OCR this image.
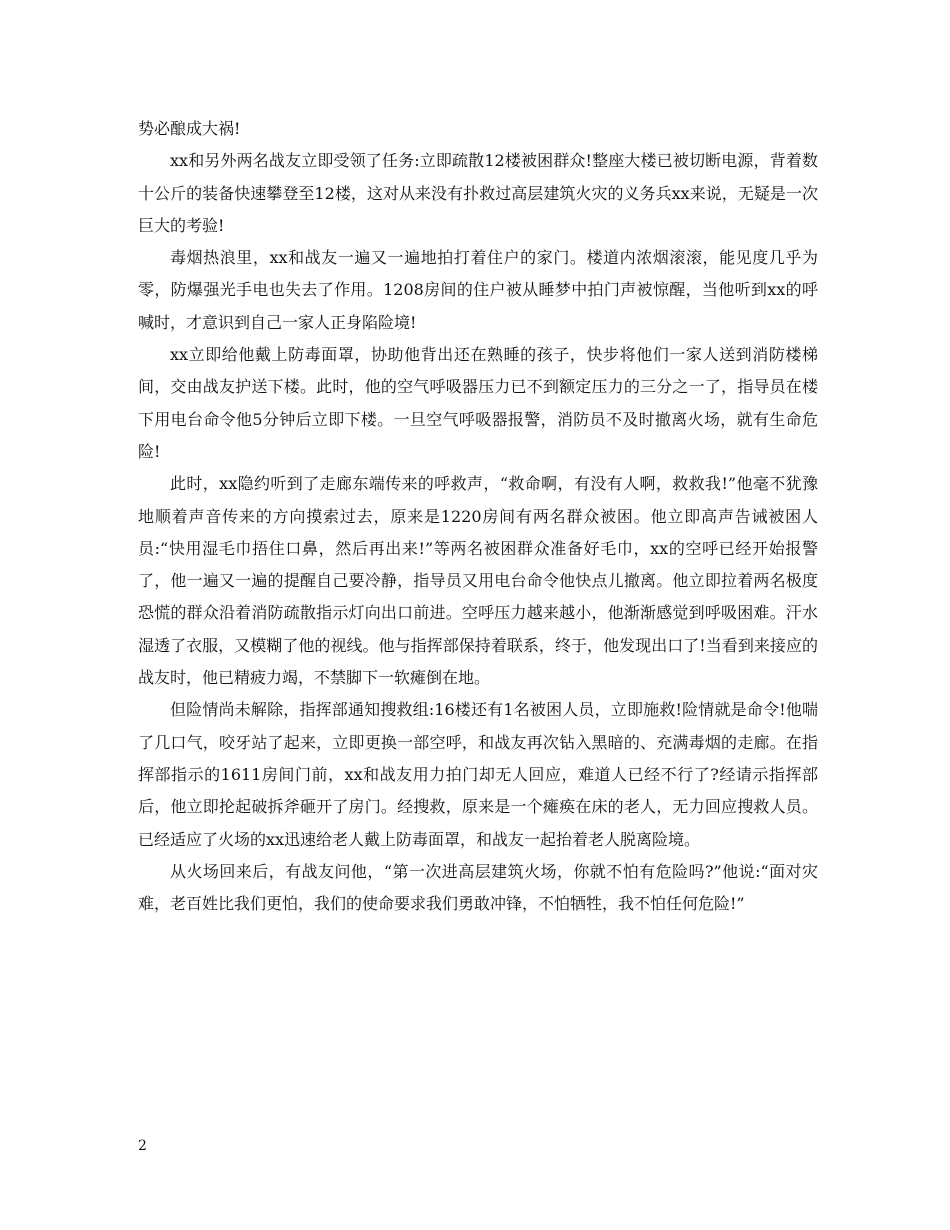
势必酿成大祸!

xx和另外两名战友立即受领了任务:立即疏散12楼被困群众!整座大楼已被切断电源，背着数十公斤的装备快速攀登至12楼，这对从来没有扑救过高层建筑火灾的义务兵xx来说，无疑是一次巨大的考验!

毒烟热浪里，xx和战友一遍又一遍地拍打着住户的家门。楼道内浓烟滚滚，能见度几乎为零，防爆强光手电也失去了作用。1208房间的住户被从睡梦中拍门声被惊醒，当他听到xx的呼喊时，才意识到自己一家人正身陷险境!

xx立即给他戴上防毒面罩，协助他背出还在熟睡的孩子，快步将他们一家人送到消防楼梯间，交由战友护送下楼。此时，他的空气呼吸器压力已不到额定压力的三分之一了，指导员在楼下用电台命令他5分钟后立即下楼。一旦空气呼吸器报警，消防员不及时撤离火场，就有生命危险!

此时，xx隐约听到了走廊东端传来的呼救声，“救命啊，有没有人啊，救救我!”他毫不犹豫地顺着声音传来的方向摸索过去，原来是1220房间有两名群众被困。他立即高声告诫被困人员:“快用湿毛巾捂住口鼻，然后再出来!”等两名被困群众准备好毛巾，xx的空呼已经开始报警了，他一遍又一遍的提醒自己要冷静，指导员又用电台命令他快点儿撤离。他立即拉着两名极度恐慌的群众沿着消防疏散指示灯向出口前进。空呼压力越来越小，他渐渐感觉到呼吸困难。汗水湿透了衣服，又模糊了他的视线。他与指挥部保持着联系，终于，他发现出口了!当看到来接应的战友时，他已精疲力竭，不禁脚下一软瘫倒在地。

但险情尚未解除，指挥部通知搜救组:16楼还有1名被困人员，立即施救!险情就是命令!他喘了几口气，咬牙站了起来，立即更换一部空呼，和战友再次钻入黑暗的、充满毒烟的走廊。在指挥部指示的1611房间门前，xx和战友用力拍门却无人回应，难道人已经不行了?经请示指挥部后，他立即抡起破拆斧砸开了房门。经搜救，原来是一个瘫痪在床的老人，无力回应搜救人员。已经适应了火场的xx迅速给老人戴上防毒面罩，和战友一起抬着老人脱离险境。

从火场回来后，有战友问他，“第一次进高层建筑火场，你就不怕有危险吗?”他说:“面对灾难，老百姓比我们更怕，我们的使命要求我们勇敢冲锋，不怕牺牲，我不怕任何危险!”

2
